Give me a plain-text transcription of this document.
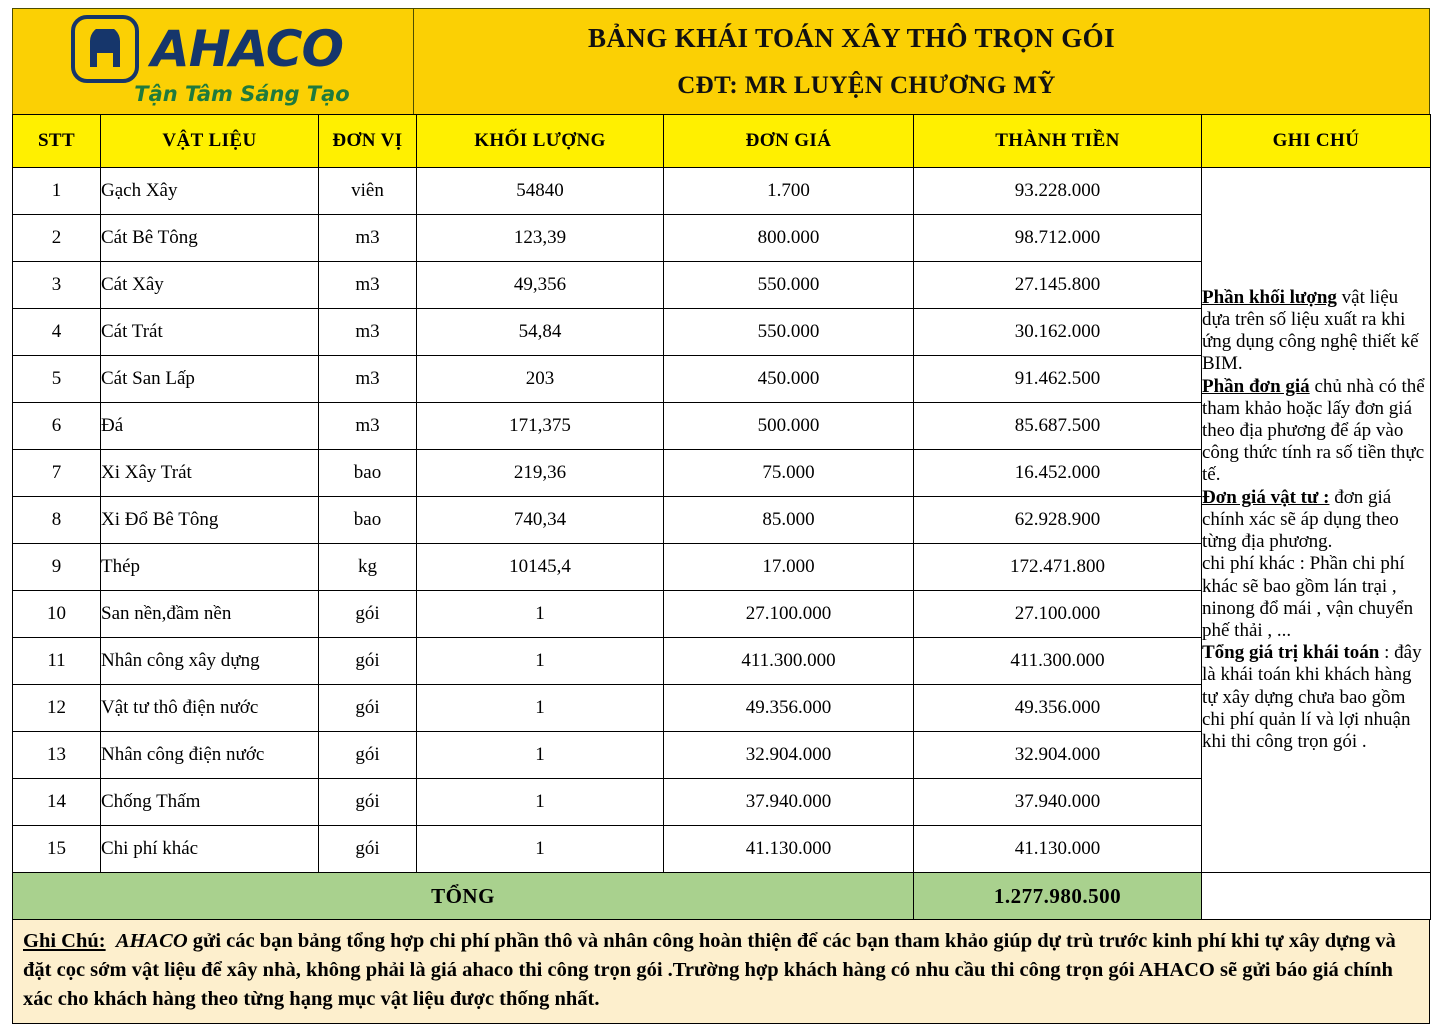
AHACO
Tận Tâm Sáng Tạo
BẢNG KHÁI TOÁN XÂY THÔ TRỌN GÓI
CĐT: MR LUYỆN CHƯƠNG MỸ
STT	VẬT LIỆU	ĐƠN VỊ	KHỐI LƯỢNG	ĐƠN GIÁ	THÀNH TIỀN	GHI CHÚ
1	Gạch Xây	viên	54840	1.700	93.228.000	Phần khối lượng vật liệu dựa trên số liệu xuất ra khi ứng dụng công nghệ thiết kế BIM.

Phần đơn giá chủ nhà có thể tham khảo hoặc lấy đơn giá theo địa phương để áp vào công thức tính ra số tiền thực tế.

Đơn giá vật tư : đơn giá chính xác sẽ áp dụng theo từng địa phương.

chi phí khác : Phần chi phí khác sẽ bao gồm lán trại , ninong đổ mái , vận chuyển phế thải , ...

Tổng giá trị khái toán : đây là khái toán khi khách hàng tự xây dựng chưa bao gồm chi phí quản lí và lợi nhuận khi thi công trọn gói .

2	Cát Bê Tông	m3	123,39	800.000	98.712.000	
3	Cát Xây	m3	49,356	550.000	27.145.800	
4	Cát Trát	m3	54,84	550.000	30.162.000	
5	Cát San Lấp	m3	203	450.000	91.462.500	
6	Đá	m3	171,375	500.000	85.687.500	
7	Xi Xây Trát	bao	219,36	75.000	16.452.000	
8	Xi Đổ Bê Tông	bao	740,34	85.000	62.928.900	
9	Thép	kg	10145,4	17.000	172.471.800	
10	San nền,đầm nền	gói	1	27.100.000	27.100.000	
11	Nhân công xây dựng	gói	1	411.300.000	411.300.000	
12	Vật tư thô điện nước	gói	1	49.356.000	49.356.000	
13	Nhân công điện nước	gói	1	32.904.000	32.904.000	
14	Chống Thấm	gói	1	37.940.000	37.940.000	
15	Chi phí khác	gói	1	41.130.000	41.130.000	
TỔNG					1.277.980.500	
Ghi Chú: AHACO gửi các bạn bảng tổng hợp chi phí phần thô và nhân công hoàn thiện để các bạn tham khảo giúp dự trù trước kinh phí khi tự xây dựng và đặt cọc sớm vật liệu để xây nhà, không phải là giá ahaco thi công trọn gói .Trường hợp khách hàng có nhu cầu thi công trọn gói AHACO sẽ gửi báo giá chính xác cho khách hàng theo từng hạng mục vật liệu được thống nhất.
